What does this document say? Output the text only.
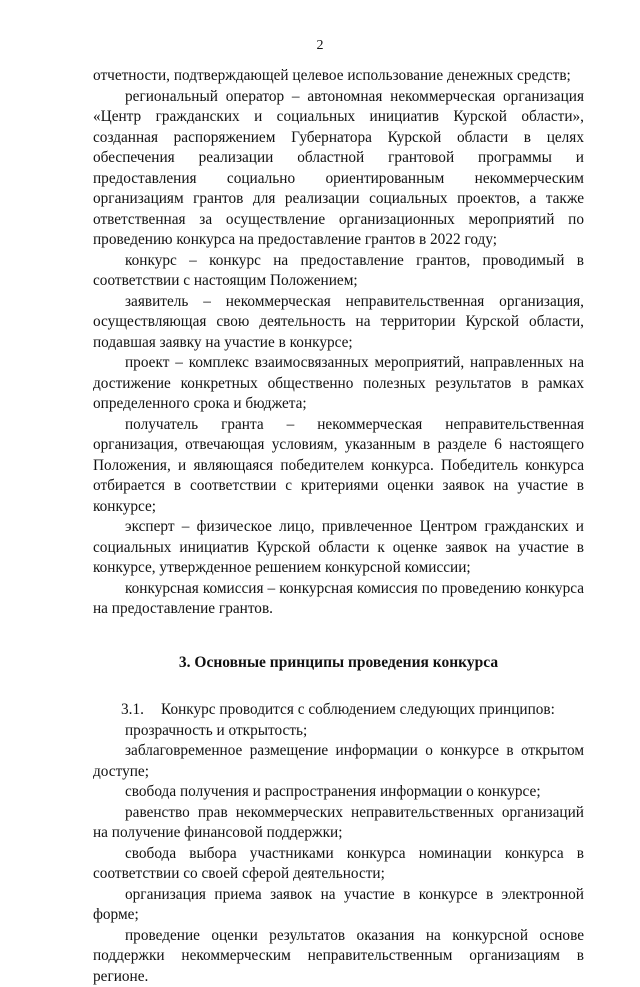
2

отчетности, подтверждающей целевое использование денежных средств;

региональный оператор – автономная некоммерческая организация «Центр гражданских и социальных инициатив Курской области», созданная распоряжением Губернатора Курской области в целях обеспечения реализации областной грантовой программы и предоставления социально ориентированным некоммерческим организациям грантов для реализации социальных проектов, а также ответственная за осуществление организационных мероприятий по проведению конкурса на предоставление грантов в 2022 году;

конкурс – конкурс на предоставление грантов, проводимый в соответствии с настоящим Положением;

заявитель – некоммерческая неправительственная организация, осуществляющая свою деятельность на территории Курской области, подавшая заявку на участие в конкурсе;

проект – комплекс взаимосвязанных мероприятий, направленных на достижение конкретных общественно полезных результатов в рамках определенного срока и бюджета;

получатель гранта – некоммерческая неправительственная организация, отвечающая условиям, указанным в разделе 6 настоящего Положения, и являющаяся победителем конкурса. Победитель конкурса отбирается в соответствии с критериями оценки заявок на участие в конкурсе;

эксперт – физическое лицо, привлеченное Центром гражданских и социальных инициатив Курской области к оценке заявок на участие в конкурсе, утвержденное решением конкурсной комиссии;

конкурсная комиссия – конкурсная комиссия по проведению конкурса на предоставление грантов.

3. Основные принципы проведения конкурса

3.1. Конкурс проводится с соблюдением следующих принципов:

прозрачность и открытость;

заблаговременное размещение информации о конкурсе в открытом доступе;

свобода получения и распространения информации о конкурсе;

равенство прав некоммерческих неправительственных организаций на получение финансовой поддержки;

свобода выбора участниками конкурса номинации конкурса в соответствии со своей сферой деятельности;

организация приема заявок на участие в конкурсе в электронной форме;

проведение оценки результатов оказания на конкурсной основе поддержки некоммерческим неправительственным организациям в регионе.
